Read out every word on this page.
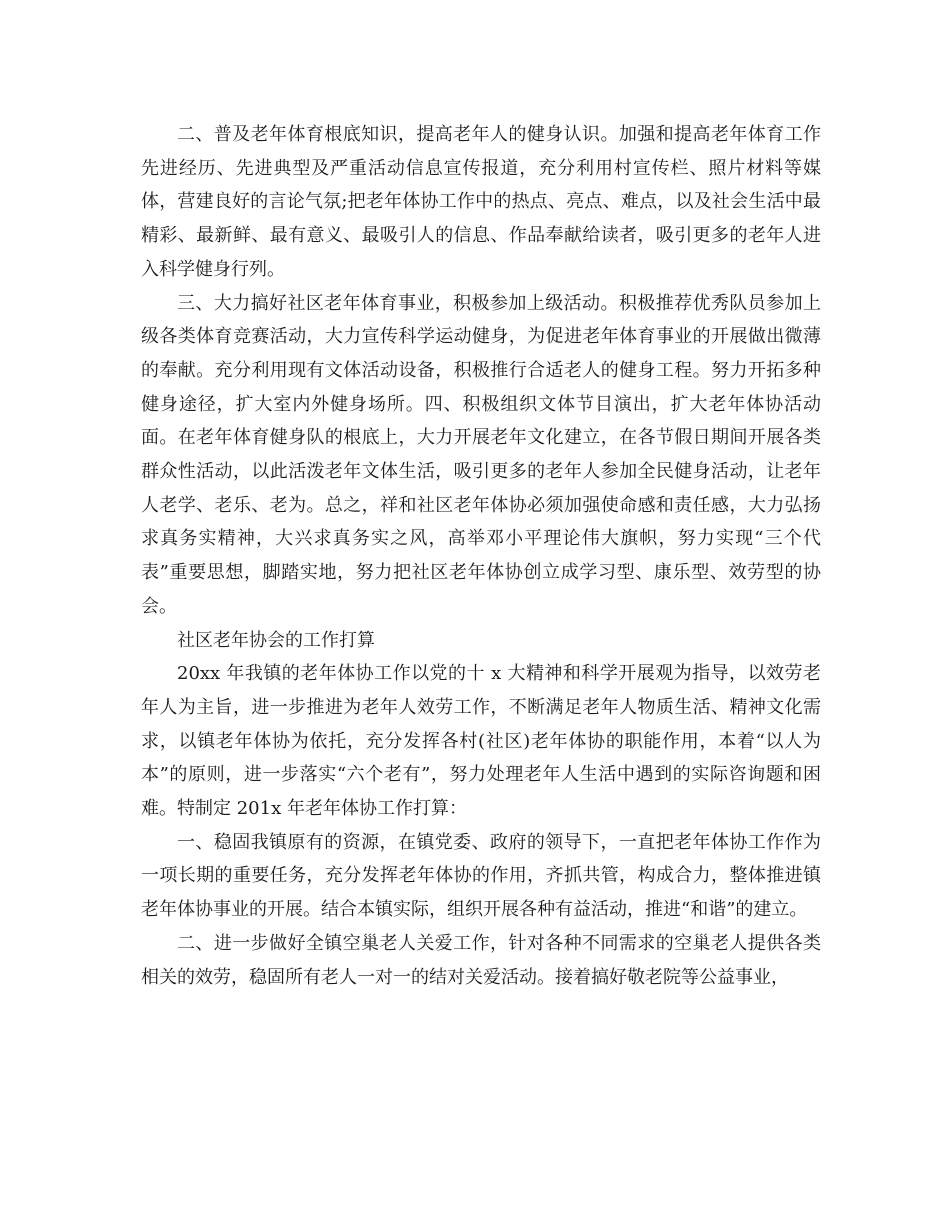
二、普及老年体育根底知识，提高老年人的健身认识。加强和提高老年体育工作先进经历、先进典型及严重活动信息宣传报道，充分利用村宣传栏、照片材料等媒体，营建良好的言论气氛;把老年体协工作中的热点、亮点、难点，以及社会生活中最精彩、最新鲜、最有意义、最吸引人的信息、作品奉献给读者，吸引更多的老年人进入科学健身行列。

三、大力搞好社区老年体育事业，积极参加上级活动。积极推荐优秀队员参加上级各类体育竞赛活动，大力宣传科学运动健身，为促进老年体育事业的开展做出微薄的奉献。充分利用现有文体活动设备，积极推行合适老人的健身工程。努力开拓多种健身途径，扩大室内外健身场所。四、积极组织文体节目演出，扩大老年体协活动面。在老年体育健身队的根底上，大力开展老年文化建立，在各节假日期间开展各类群众性活动，以此活泼老年文体生活，吸引更多的老年人参加全民健身活动，让老年人老学、老乐、老为。总之，祥和社区老年体协必须加强使命感和责任感，大力弘扬求真务实精神，大兴求真务实之风，高举邓小平理论伟大旗帜，努力实现“三个代表”重要思想，脚踏实地，努力把社区老年体协创立成学习型、康乐型、效劳型的协会。

社区老年协会的工作打算

20xx 年我镇的老年体协工作以党的十 x 大精神和科学开展观为指导，以效劳老年人为主旨，进一步推进为老年人效劳工作，不断满足老年人物质生活、精神文化需求，以镇老年体协为依托，充分发挥各村(社区)老年体协的职能作用，本着“以人为本”的原则，进一步落实“六个老有”，努力处理老年人生活中遇到的实际咨询题和困难。特制定 201x 年老年体协工作打算：

一、稳固我镇原有的资源，在镇党委、政府的领导下，一直把老年体协工作作为一项长期的重要任务，充分发挥老年体协的作用，齐抓共管，构成合力，整体推进镇老年体协事业的开展。结合本镇实际，组织开展各种有益活动，推进“和谐”的建立。

二、进一步做好全镇空巢老人关爱工作，针对各种不同需求的空巢老人提供各类相关的效劳，稳固所有老人一对一的结对关爱活动。接着搞好敬老院等公益事业，
